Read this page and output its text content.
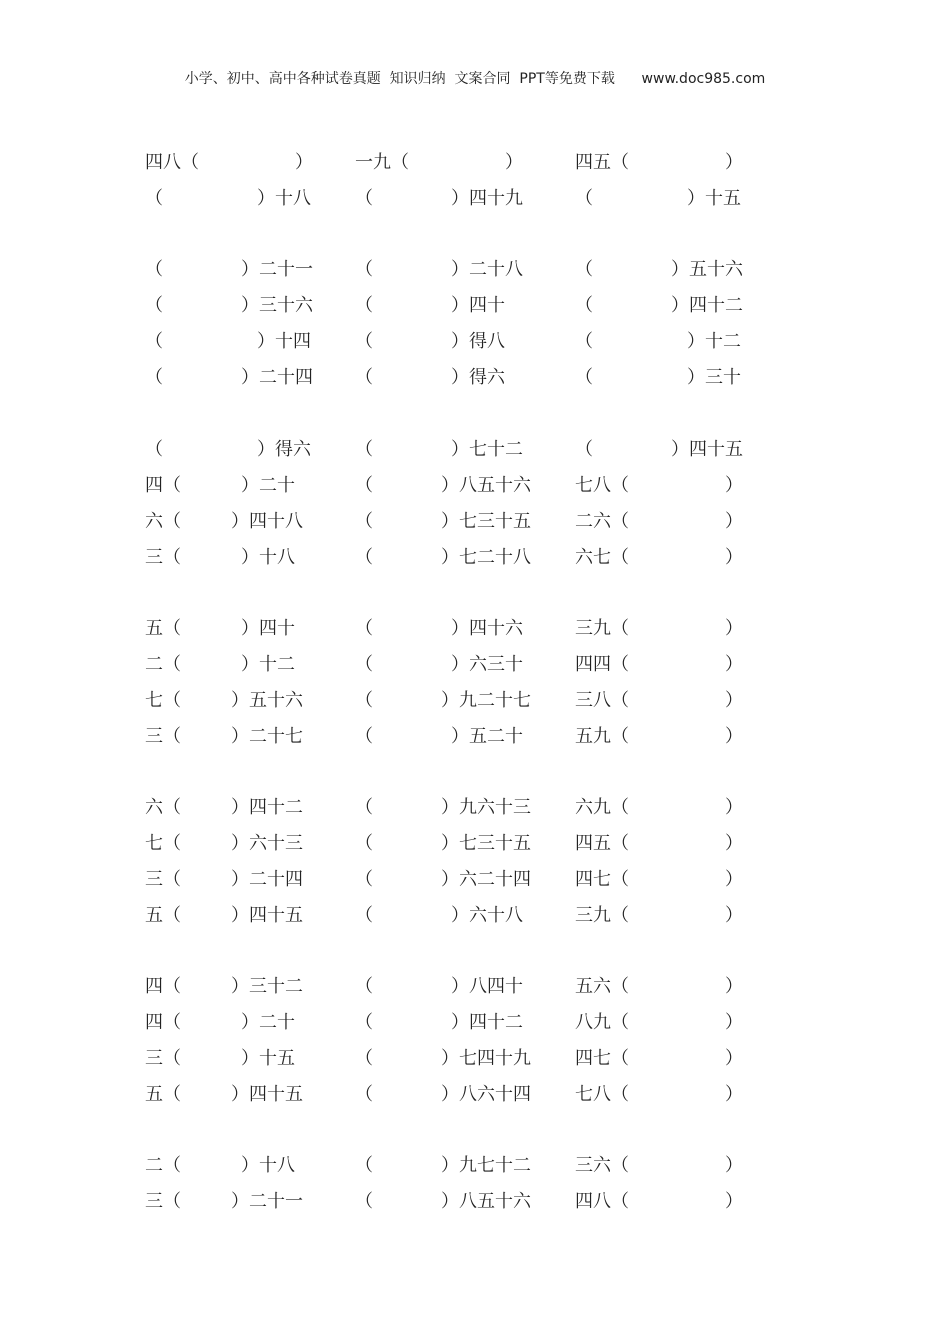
小学、初中、高中各种试卷真题  知识归纳  文案合同  PPT等免费下载      www.doc985.com
四八（	） 一九（	）	四五（	）
（	）十八 （	）四十九	（	）十五
（	）二十一 （	）二十八	（	）五十六
（	）三十六 （	）四十	（	）四十二
（	）十四 （	）得八	（	）十二
（	）二十四 （	）得六	（	）三十
（	）得六 （	）七十二	（	）四十五
四（	）二十	（	）八五十六 七八（	）
六（	）四十八	（	）七三十五 二六（	）
三（	）十八	（	）七二十八 六七（	）
五（	）四十	（	）四十六	三九（	）
二（	）十二	（	）六三十	四四（	）
七（	）五十六	（	）九二十七 三八（	）
三（	）二十七	（	）五二十	五九（	）
六（	）四十二	（	）九六十三 六九（	）
七（	）六十三	（	）七三十五 四五（	）
三（	）二十四	（	）六二十四 四七（	）
五（	）四十五	（	）六十八	三九（	）
四（	）三十二	（	）八四十	五六（	）
四（	）二十	（	）四十二	八九（	）
三（	）十五	（	）七四十九 四七（	）
五（	）四十五	（	）八六十四 七八（	）
二（	）十八	（	）九七十二 三六（	）
三（	）二十一	（	）八五十六 四八（	）
